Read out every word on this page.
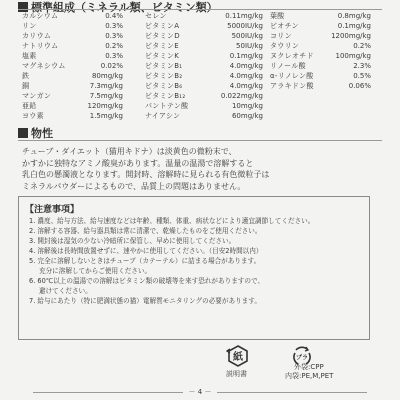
標準組成（ミネラル類、ビタミン類）
カルシウム	0.4%
リン	0.3%
カリウム	0.3%
ナトリウム	0.2%
塩素	0.3%
マグネシウム	0.02%
鉄	80mg/kg
銅	7.3mg/kg
マンガン	7.5mg/kg
亜鉛	120mg/kg
ヨウ素	1.5mg/kg
セレン	0.11mg/kg
ビタミンA	5000IU/kg
ビタミンD	500IU/kg
ビタミンE	50IU/kg
ビタミンK	0.1mg/kg
ビタミンB₁	4.0mg/kg
ビタミンB₂	4.0mg/kg
ビタミンB₆	4.0mg/kg
ビタミンB₁₂	0.022mg/kg
パントテン酸	10mg/kg
ナイアシン	60mg/kg
葉酸	0.8mg/kg
ビオチン	0.1mg/kg
コリン	1200mg/kg
タウリン	0.2%
ヌクレオチド	100mg/kg
リノール酸	2.3%
α-リノレン酸	0.5%
アラキドン酸	0.06%
物性
チューブ・ダイエット（猫用キドナ）は淡黄色の微粉末で、
かすかに独特なアミノ酸臭があります。温量の温湯で溶解すると
乳白色の懸濁液となります。開封時、溶解時に見られる有色微粒子は
ミネラルパウダーによるもので、品質上の問題はありません。
【注意事項】
1. 濃度、給与方法、給与速度などは年齢、種類、体重、病状などにより適宜調節してください。
2. 溶解する容器、給与器具類は常に清潔で、乾燥したものをご使用ください。
3. 開封後は湿気の少ない冷暗所に保管し、早めに使用してください。
4. 溶解後は長時間放置せずに、速やかに使用してください。（目安2時間以内）
5. 完全に溶解しないときはチューブ（カテーテル）に詰まる場合があります。
充分に溶解してからご使用ください。
6. 60℃以上の温湯での溶解はビタミン類の破壊等を来す恐れがありますので、
避けてください。
7. 給与にあたり（特に肥満状態の猫）電解質モニタリングの必要があります。
紙
説明書
プラ
外袋:CPP
内袋:PE,M,PET
－ 4 －
